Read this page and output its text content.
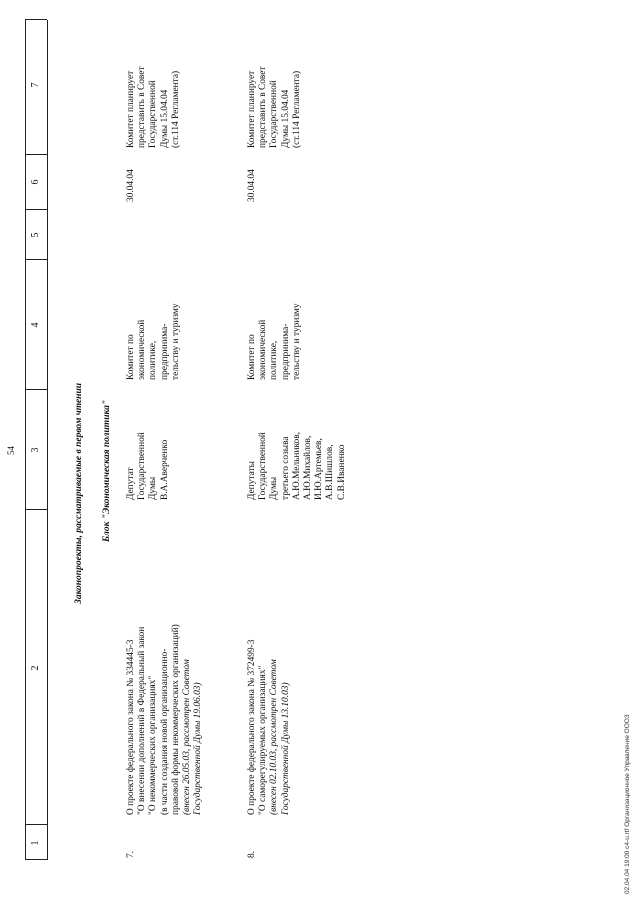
1
2
3
4
5
6
7
54	Законопроекты, рассматриваемые в первом чтении Блок "Экономическая политика"
7.
О проекте федерального закона № 334445-3 "О внесении дополнений в Федеральный закон "О некоммерческих организациях" (в части создания новой организационно- правовой формы некоммерческих организаций) (внесен 26.05.03, рассмотрен Советом Государственной Думы 19.06.03)
Депутат Государственной Думы В.А.Аверченко
Комитет по экономической политике, предпринима- тельству и туризму
30.04.04
Комитет планирует представить в Совет Государственной Думы 15.04.04 (ст.114 Регламента)
8.
О проекте федерального закона № 372499-3 "О саморегулируемых организациях" (внесен 02.10.03, рассмотрен Советом Государственной Думы 13.10.03)
Депутаты Государственной Думы третьего созыва А.Ю.Мельников, А.Ю.Михайлов, И.Ю.Артемьев, А.В.Шишлов, С.В.Иваненко
Комитет по экономической политике, предпринима- тельству и туризму
30.04.04
Комитет планирует представить в Совет Государственной Думы 15.04.04 (ст.114 Регламента)
02.04.04 19:00 c4-u.rtf Организационное Управление ООО3
